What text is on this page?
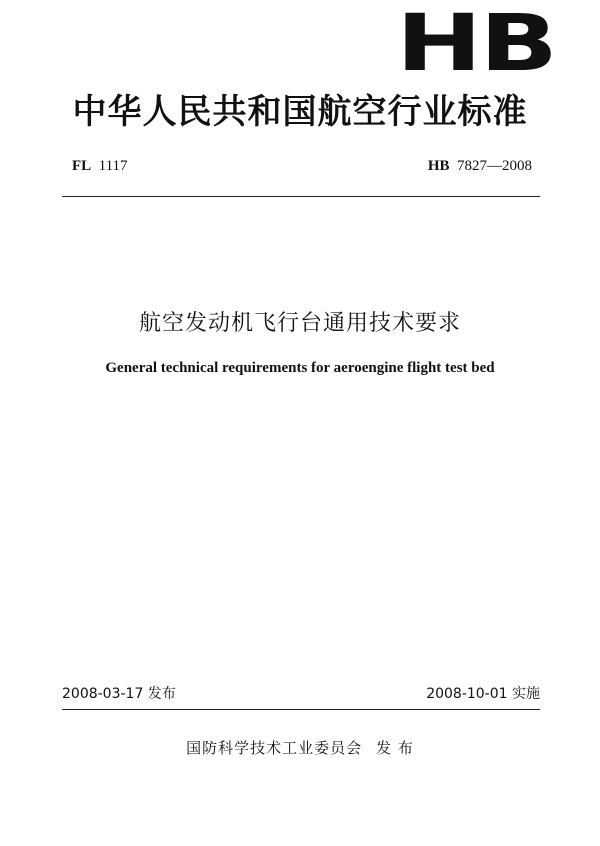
HB
中华人民共和国航空行业标准
FL 1117	HB 7827—2008
航空发动机飞行台通用技术要求
General technical requirements for aeroengine flight test bed
2008-03-17 发布	2008-10-01 实施
国防科学技术工业委员会 发 布
